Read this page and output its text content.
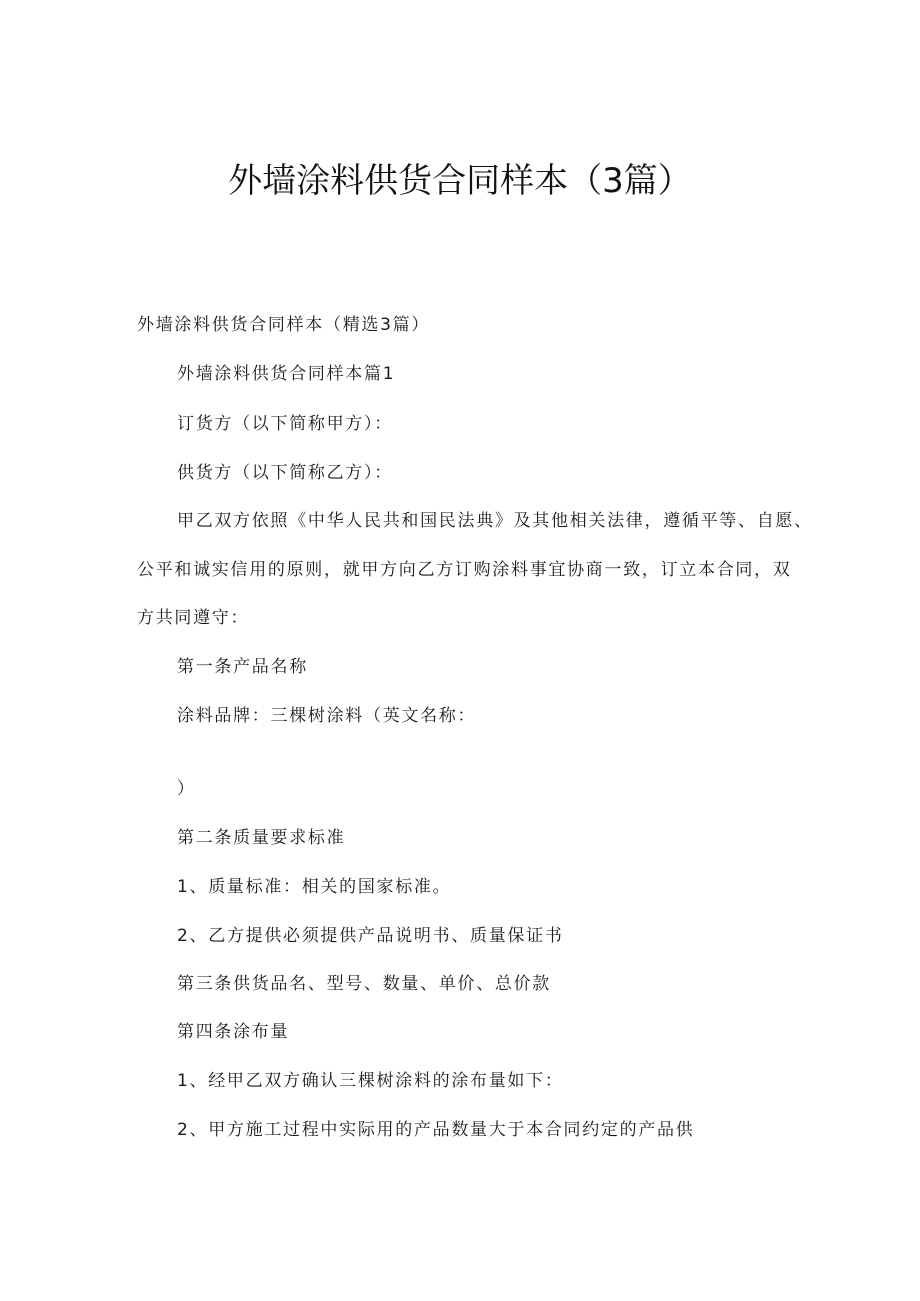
外墙涂料供货合同样本（3篇）
外墙涂料供货合同样本（精选3篇）
外墙涂料供货合同样本篇1
订货方（以下简称甲方）：
供货方（以下简称乙方）：
甲乙双方依照《中华人民共和国民法典》及其他相关法律，遵循平等、自愿、
公平和诚实信用的原则，就甲方向乙方订购涂料事宜协商一致，订立本合同，双
方共同遵守：
第一条产品名称
涂料品牌：三棵树涂料（英文名称：
）
第二条质量要求标准
1、质量标准：相关的国家标准。
2、乙方提供必须提供产品说明书、质量保证书
第三条供货品名、型号、数量、单价、总价款
第四条涂布量
1、经甲乙双方确认三棵树涂料的涂布量如下：
2、甲方施工过程中实际用的产品数量大于本合同约定的产品供
